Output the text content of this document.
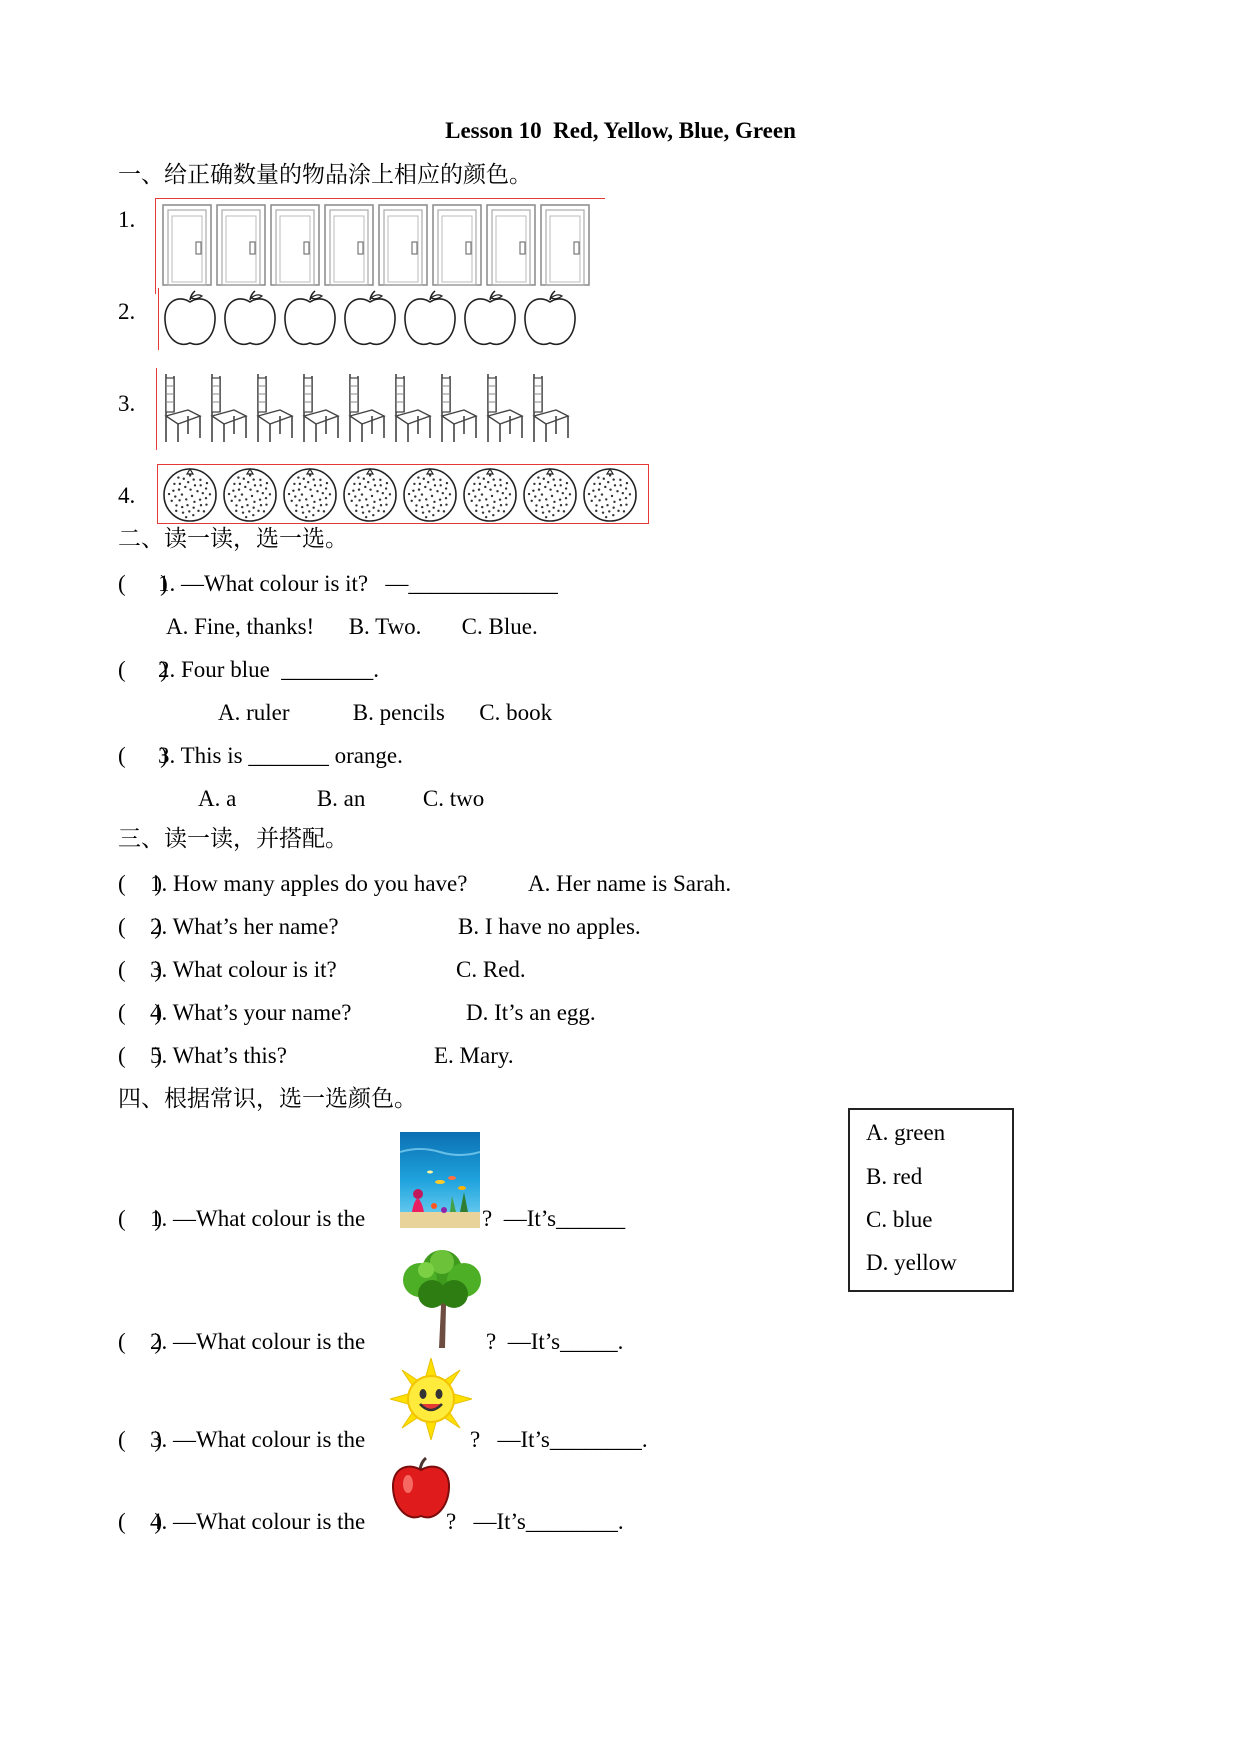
Lesson 10  Red, Yellow, Blue, Green
一、给正确数量的物品涂上相应的颜色。
1.
2.
3.
4.
二、读一读，选一选。
(      )
1. —What colour is it?   —_____________
A. Fine, thanks!      B. Two.       C. Blue.
(      )
2. Four blue  ________.
A. ruler           B. pencils      C. book
(      )
3. This is _______ orange.
A. a              B. an          C. two
三、读一读，并搭配。
(     )
1. How many apples do you have?	A. Her name is Sarah.
(     )
2. What’s her name?	B. I have no apples.
(     )
3. What colour is it?	C. Red.
(     )
4. What’s your name?	D. It’s an egg.
(     )
5. What’s this?	E. Mary.
四、根据常识，选一选颜色。
A. green
B. red
C. blue
D. yellow
(     )
1. —What colour is the	?  —It’s______
(     )
2. —What colour is the	?  —It’s_____.
(     )
3. —What colour is the	?   —It’s________.
(     )
4. —What colour is the	?   —It’s________.
